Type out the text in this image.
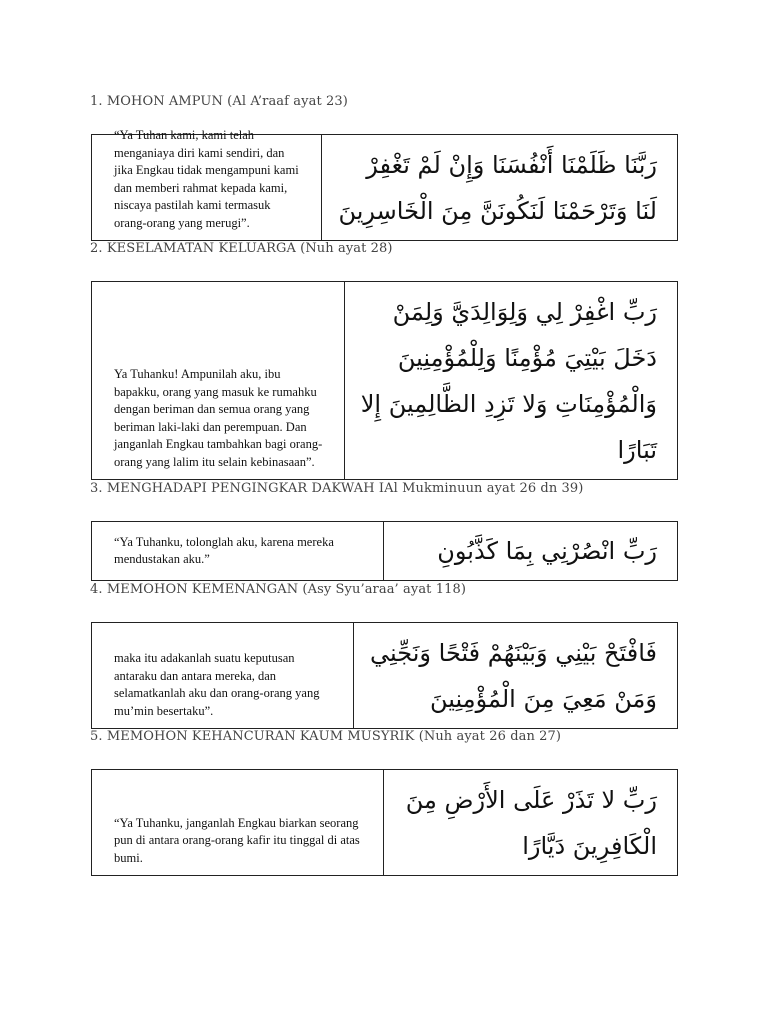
1. MOHON AMPUN (Al A’raaf ayat 23)

“Ya Tuhan kami, kami telah menganiaya diri kami sendiri, dan jika Engkau tidak mengampuni kami dan memberi rahmat kepada kami, niscaya pastilah kami termasuk orang-orang yang merugi”.

رَبَّنَا ظَلَمْنَا أَنْفُسَنَا وَإِنْ لَمْ تَغْفِرْ
لَنَا وَتَرْحَمْنَا لَنَكُونَنَّ مِنَ الْخَاسِرِينَ
2. KESELAMATAN KELUARGA (Nuh ayat 28)

Ya Tuhanku! Ampunilah aku, ibu bapakku, orang yang masuk ke rumahku dengan beriman dan semua orang yang beriman laki-laki dan perempuan. Dan janganlah Engkau tambahkan bagi orang-orang yang lalim itu selain kebinasaan”.

رَبِّ اغْفِرْ لِي وَلِوَالِدَيَّ وَلِمَنْ
دَخَلَ بَيْتِيَ مُؤْمِنًا وَلِلْمُؤْمِنِينَ
وَالْمُؤْمِنَاتِ وَلا تَزِدِ الظَّالِمِينَ إِلا
تَبَارًا
3. MENGHADAPI PENGINGKAR DAKWAH IAl Mukminuun ayat 26 dn 39)

“Ya Tuhanku, tolonglah aku, karena mereka mendustakan aku.”	رَبِّ انْصُرْنِي بِمَا كَذَّبُونِ
4. MEMOHON KEMENANGAN (Asy Syu’araa’ ayat 118)

maka itu adakanlah suatu keputusan antaraku dan antara mereka, dan selamatkanlah aku dan orang-orang yang mu’min besertaku”.

فَافْتَحْ بَيْنِي وَبَيْنَهُمْ فَتْحًا وَنَجِّنِي
وَمَنْ مَعِيَ مِنَ الْمُؤْمِنِينَ
5. MEMOHON KEHANCURAN KAUM MUSYRIK (Nuh ayat 26 dan 27)

“Ya Tuhanku, janganlah Engkau biarkan seorang pun di antara orang-orang kafir itu tinggal di atas bumi.

رَبِّ لا تَذَرْ عَلَى الأَرْضِ مِنَ
الْكَافِرِينَ دَيَّارًا
